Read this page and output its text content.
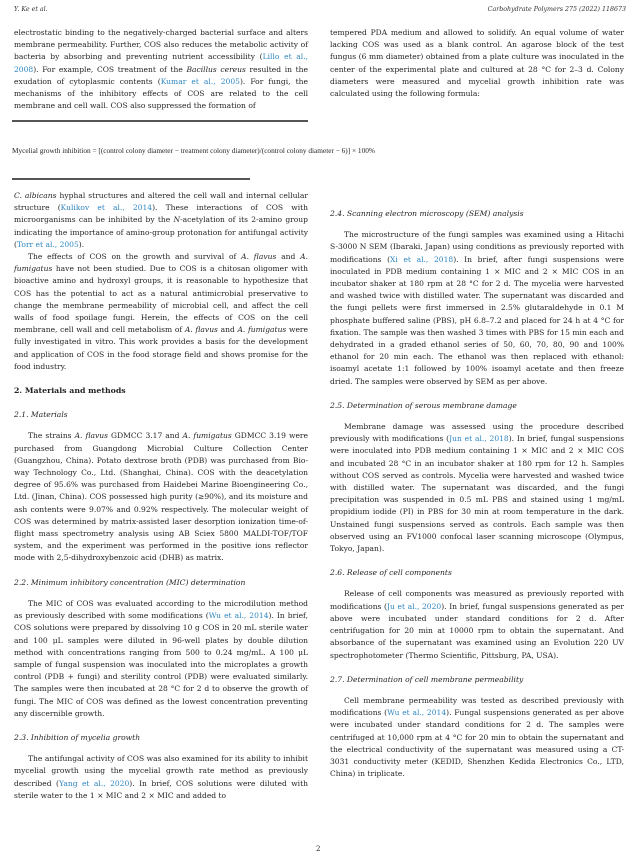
Y. Ke et al.	Carbohydrate Polymers 275 (2022) 118673

electrostatic binding to the negatively-charged bacterial surface and alters membrane permeability. Further, COS also reduces the metabolic activity of bacteria by absorbing and preventing nutrient accessibility (Lillo et al., 2008). For example, COS treatment of the Bacillus cereus resulted in the exudation of cytoplasmic contents (Kumar et al., 2005). For fungi, the mechanisms of the inhibitory effects of COS are related to the cell membrane and cell wall. COS also suppressed the formation of

tempered PDA medium and allowed to solidify. An equal volume of water lacking COS was used as a blank control. An agarose block of the test fungus (6 mm diameter) obtained from a plate culture was inoculated in the center of the experimental plate and cultured at 28 °C for 2–3 d. Colony diameters were measured and mycelial growth inhibition rate was calculated using the following formula:

Mycelial growth inhibition = [(control colony diameter − treatment colony diameter)/(control colony diameter − 6)] × 100%

C. albicans hyphal structures and altered the cell wall and internal cellular structure (Kulikov et al., 2014). These interactions of COS with microorganisms can be inhibited by the N-acetylation of its 2-amino group indicating the importance of amino-group protonation for antifungal activity (Torr et al., 2005).

The effects of COS on the growth and survival of A. flavus and A. fumigatus have not been studied. Due to COS is a chitosan oligomer with bioactive amino and hydroxyl groups, it is reasonable to hypothesize that COS has the potential to act as a natural antimicrobial preservative to change the membrane permeability of microbial cell, and affect the cell walls of food spoilage fungi. Herein, the effects of COS on the cell membrane, cell wall and cell metabolism of A. flavus and A. fumigatus were fully investigated in vitro. This work provides a basis for the development and application of COS in the food storage field and shows promise for the food industry.

2. Materials and methods
2.1. Materials

The strains A. flavus GDMCC 3.17 and A. fumigatus GDMCC 3.19 were purchased from Guangdong Microbial Culture Collection Center (Guangzhou, China). Potato dextrose broth (PDB) was purchased from Bio-way Technology Co., Ltd. (Shanghai, China). COS with the deacetylation degree of 95.6% was purchased from Haidebei Marine Bioengineering Co., Ltd. (Jinan, China). COS possessed high purity (≥90%), and its moisture and ash contents were 9.07% and 0.92% respectively. The molecular weight of COS was determined by matrix-assisted laser desorption ionization time-of-flight mass spectrometry analysis using AB Sciex 5800 MALDI-TOF/TOF system, and the experiment was performed in the positive ions reflector mode with 2,5-dihydroxybenzoic acid (DHB) as matrix.

2.2. Minimum inhibitory concentration (MIC) determination

The MIC of COS was evaluated according to the microdilution method as previously described with some modifications (Wu et al., 2014). In brief, COS solutions were prepared by dissolving 10 g COS in 20 mL sterile water and 100 μL samples were diluted in 96-well plates by double dilution method with concentrations ranging from 500 to 0.24 mg/mL. A 100 μL sample of fungal suspension was inoculated into the microplates a growth control (PDB + fungi) and sterility control (PDB) were evaluated similarly. The samples were then incubated at 28 °C for 2 d to observe the growth of fungi. The MIC of COS was defined as the lowest concentration preventing any discernible growth.

2.3. Inhibition of mycelia growth

The antifungal activity of COS was also examined for its ability to inhibit mycelial growth using the mycelial growth rate method as previously described (Yang et al., 2020). In brief, COS solutions were diluted with sterile water to the 1 × MIC and 2 × MIC and added to

2.4. Scanning electron microscopy (SEM) analysis

The microstructure of the fungi samples was examined using a Hitachi S-3000 N SEM (Ibaraki, Japan) using conditions as previously reported with modifications (Xi et al., 2018). In brief, after fungi suspensions were inoculated in PDB medium containing 1 × MIC and 2 × MIC COS in an incubator shaker at 180 rpm at 28 °C for 2 d. The mycelia were harvested and washed twice with distilled water. The supernatant was discarded and the fungi pellets were first immersed in 2.5% glutaraldehyde in 0.1 M phosphate buffered saline (PBS), pH 6.8–7.2 and placed for 24 h at 4 °C for fixation. The sample was then washed 3 times with PBS for 15 min each and dehydrated in a graded ethanol series of 50, 60, 70, 80, 90 and 100% ethanol for 20 min each. The ethanol was then replaced with ethanol: isoamyl acetate 1:1 followed by 100% isoamyl acetate and then freeze dried. The samples were observed by SEM as per above.

2.5. Determination of serous membrane damage

Membrane damage was assessed using the procedure described previously with modifications (Jun et al., 2018). In brief, fungal suspensions were inoculated into PDB medium containing 1 × MIC and 2 × MIC COS and incubated 28 °C in an incubator shaker at 180 rpm for 12 h. Samples without COS served as controls. Mycelia were harvested and washed twice with distilled water. The supernatant was discarded, and the fungi precipitation was suspended in 0.5 mL PBS and stained using 1 mg/mL propidium iodide (PI) in PBS for 30 min at room temperature in the dark. Unstained fungi suspensions served as controls. Each sample was then observed using an FV1000 confocal laser scanning microscope (Olympus, Tokyo, Japan).

2.6. Release of cell components

Release of cell components was measured as previously reported with modifications (Ju et al., 2020). In brief, fungal suspensions generated as per above were incubated under standard conditions for 2 d. After centrifugation for 20 min at 10000 rpm to obtain the supernatant. And absorbance of the supernatant was examined using an Evolution 220 UV spectrophotometer (Thermo Scientific, Pittsburg, PA, USA).

2.7. Determination of cell membrane permeability

Cell membrane permeability was tested as described previously with modifications (Wu et al., 2014). Fungal suspensions generated as per above were incubated under standard conditions for 2 d. The samples were centrifuged at 10,000 rpm at 4 °C for 20 min to obtain the supernatant and the electrical conductivity of the supernatant was measured using a CT-3031 conductivity meter (KEDID, Shenzhen Kedida Electronics Co., LTD, China) in triplicate.

2
